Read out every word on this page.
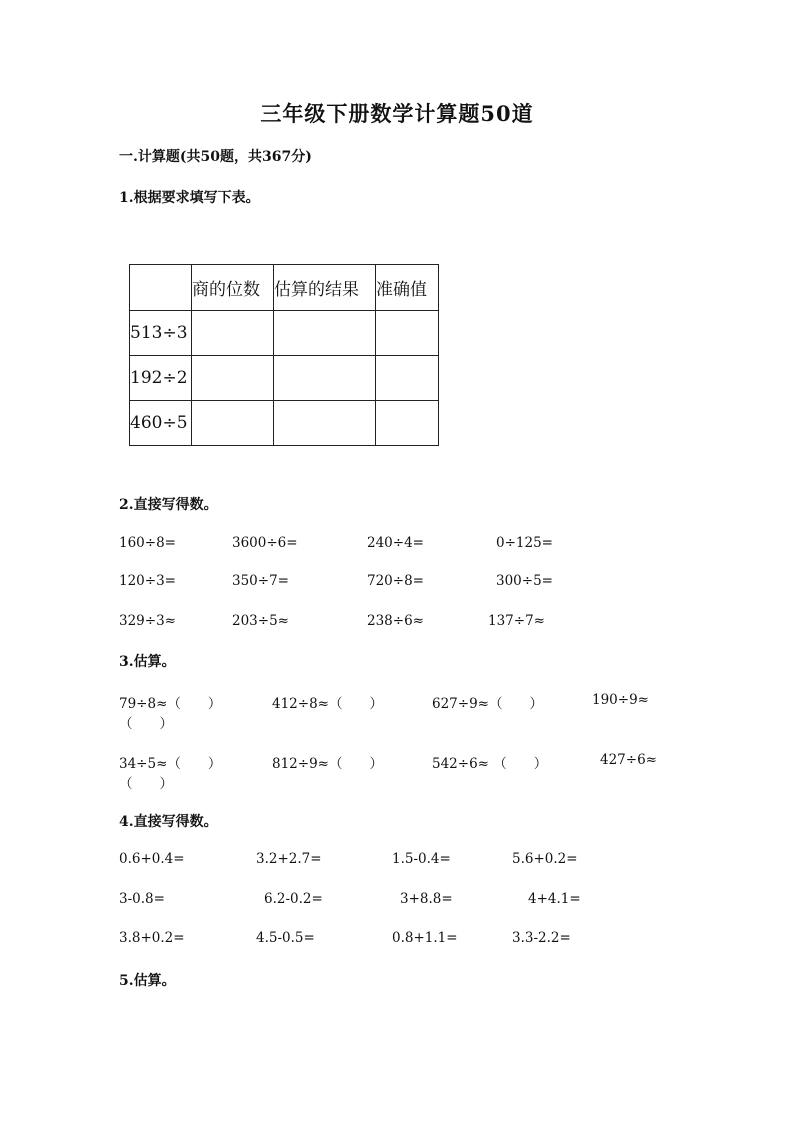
三年级下册数学计算题50道
一.计算题(共50题，共367分)
1.根据要求填写下表。
	商的位数	估算的结果	准确值
513÷3			
192÷2			
460÷5			
2.直接写得数。
160÷8=	3600÷6=	240÷4=	0÷125=
120÷3=	350÷7=	720÷8=	300÷5=
329÷3≈	203÷5≈	238÷6≈	137÷7≈
3.估算。
79÷8≈（　　）	412÷8≈（　　）	627÷9≈（　　）	190÷9≈
（　　）
34÷5≈（　　）	812÷9≈（　　）	542÷6≈ （　　）	427÷6≈
（　　）
4.直接写得数。
0.6+0.4=	3.2+2.7=	1.5-0.4=	5.6+0.2=
3-0.8=	6.2-0.2=	3+8.8=	4+4.1=
3.8+0.2=	4.5-0.5=	0.8+1.1=	3.3-2.2=
5.估算。
